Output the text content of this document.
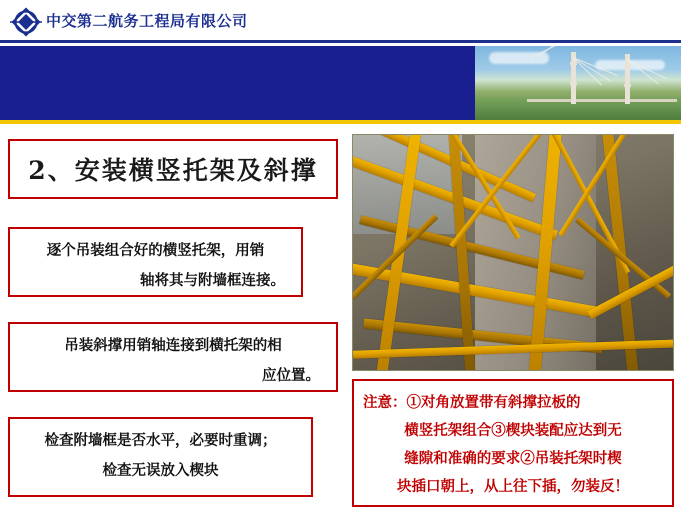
中交第二航务工程局有限公司
2、安装横竖托架及斜撑
逐个吊装组合好的横竖托架，用销
轴将其与附墙框连接。
吊装斜撑用销轴连接到横托架的相
应位置。
检查附墙框是否水平，必要时重调；
检查无误放入楔块
注意：①对角放置带有斜撑拉板的
横竖托架组合③楔块装配应达到无
缝隙和准确的要求②吊装托架时楔
块插口朝上，从上往下插，勿装反！
